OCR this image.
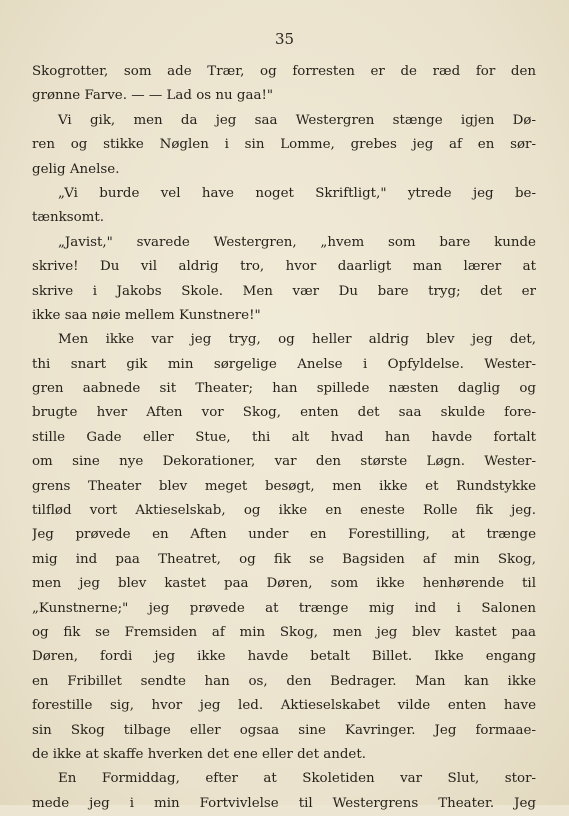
35
Skogrotter, som ade Trær, og forresten er de ræd for den
grønne Farve. — — Lad os nu gaa!"
Vi gik, men da jeg saa Westergren stænge igjen Dø-
ren og stikke Nøglen i sin Lomme, grebes jeg af en sør-
gelig Anelse.
„Vi burde vel have noget Skriftligt," ytrede jeg be-
tænksomt.
„Javist," svarede Westergren, „hvem som bare kunde
skrive! Du vil aldrig tro, hvor daarligt man lærer at
skrive i Jakobs Skole. Men vær Du bare tryg; det er
ikke saa nøie mellem Kunstnere!"
Men ikke var jeg tryg, og heller aldrig blev jeg det,
thi snart gik min sørgelige Anelse i Opfyldelse. Wester-
gren aabnede sit Theater; han spillede næsten daglig og
brugte hver Aften vor Skog, enten det saa skulde fore-
stille Gade eller Stue, thi alt hvad han havde fortalt
om sine nye Dekorationer, var den største Løgn. Wester-
grens Theater blev meget besøgt, men ikke et Rundstykke
tilflød vort Aktieselskab, og ikke en eneste Rolle fik jeg.
Jeg prøvede en Aften under en Forestilling, at trænge
mig ind paa Theatret, og fik se Bagsiden af min Skog,
men jeg blev kastet paa Døren, som ikke henhørende til
„Kunstnerne;" jeg prøvede at trænge mig ind i Salonen
og fik se Fremsiden af min Skog, men jeg blev kastet paa
Døren, fordi jeg ikke havde betalt Billet. Ikke engang
en Fribillet sendte han os, den Bedrager. Man kan ikke
forestille sig, hvor jeg led. Aktieselskabet vilde enten have
sin Skog tilbage eller ogsaa sine Kavringer. Jeg formaae-
de ikke at skaffe hverken det ene eller det andet.
En Formiddag, efter at Skoletiden var Slut, stor-
mede jeg i min Fortvivlelse til Westergrens Theater. Jeg
